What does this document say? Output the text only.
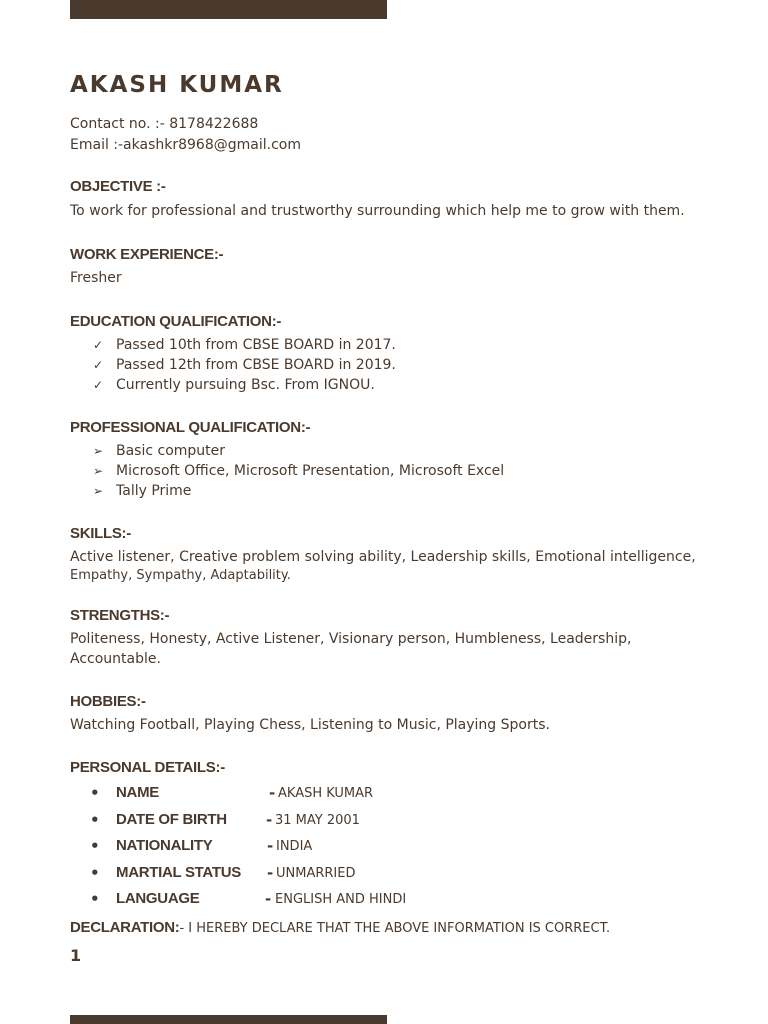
AKASH KUMAR
Contact no. :- 8178422688
Email :-akashkr8968@gmail.com
OBJECTIVE :-
To work for professional and trustworthy surrounding which help me to grow with them.
WORK EXPERIENCE:-
Fresher
EDUCATION QUALIFICATION:-
✓ Passed 10th from CBSE BOARD in 2017.
✓ Passed 12th from CBSE BOARD in 2019.
✓ Currently pursuing Bsc. From IGNOU.
PROFESSIONAL QUALIFICATION:-
➢ Basic computer
➢ Microsoft Office, Microsoft Presentation, Microsoft Excel
➢ Tally Prime
SKILLS:-
Active listener, Creative problem solving ability, Leadership skills, Emotional intelligence,
Empathy, Sympathy, Adaptability.
STRENGTHS:-
Politeness, Honesty, Active Listener, Visionary person, Humbleness, Leadership,
Accountable.
HOBBIES:-
Watching Football, Playing Chess, Listening to Music, Playing Sports.
PERSONAL DETAILS:-
• NAME	- AKASH KUMAR
• DATE OF BIRTH	- 31 MAY 2001
• NATIONALITY	- INDIA
• MARTIAL STATUS - UNMARRIED
• LANGUAGE	- ENGLISH AND HINDI
DECLARATION:- I HEREBY DECLARE THAT THE ABOVE INFORMATION IS CORRECT.
1
